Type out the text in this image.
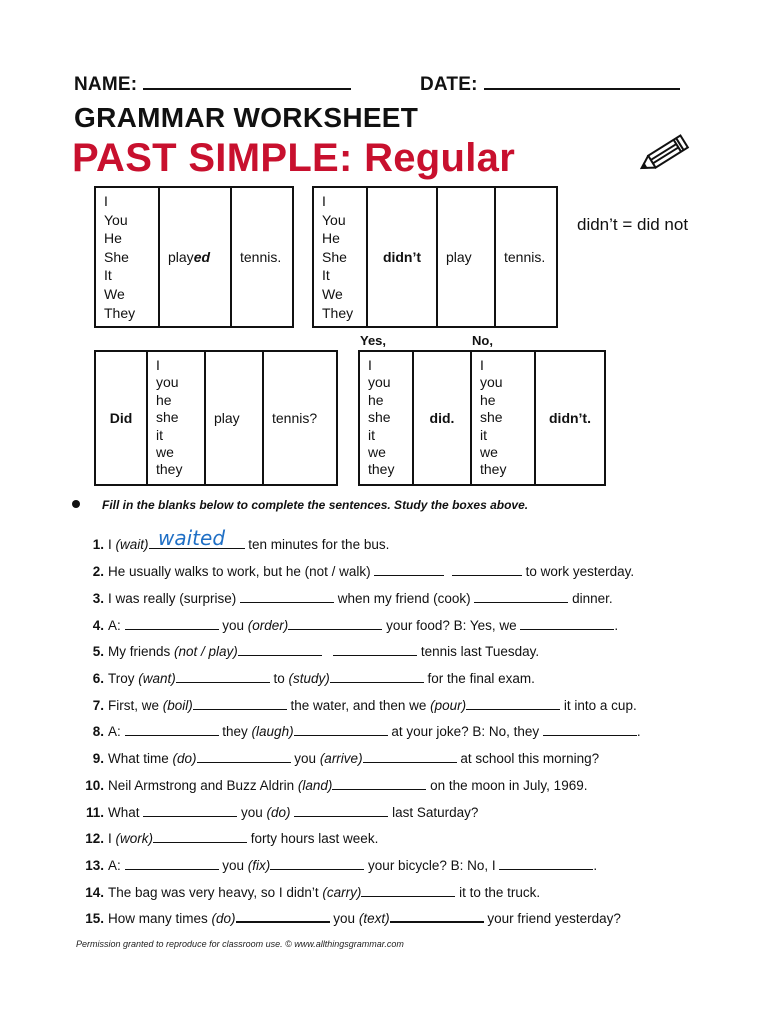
NAME:	DATE:
GRAMMAR WORKSHEET
PAST SIMPLE: Regular
I
You
He
She
It
We
They
	played	tennis.
I
You
He
She
It
We
They
	didn’t	play	tennis.
didn’t = did not
Did	
I
you
he
she
it
we
they
	play	tennis?
Yes,	No,
I
you
he
she
it
we
they
	did.	
I
you
he
she
it
we
they
	didn’t.
Fill in the blanks below to complete the sentences. Study the boxes above.
waited
1. I (wait)	ten minutes for the bus.
2. He usually walks to work, but he (not / walk)	to work yesterday.
3. I was really (surprise)	when my friend (cook)	dinner.
4. A:	you (order)	your food? B: Yes, we	.
5. My friends (not / play)	tennis last Tuesday.
6. Troy (want)	to (study)	for the final exam.
7. First, we (boil)	the water, and then we (pour)	it into a cup.
8. A:	they (laugh)	at your joke? B: No, they	.
9. What time (do)	you (arrive)	at school this morning?
10. Neil Armstrong and Buzz Aldrin (land)	on the moon in July, 1969.
11. What	you (do)	last Saturday?
12. I (work)	forty hours last week.
13. A:	you (fix)	your bicycle? B: No, I	.
14. The bag was very heavy, so I didn’t (carry)	it to the truck.
15. How many times (do)	you (text)	your friend yesterday?
Permission granted to reproduce for classroom use. © www.allthingsgrammar.com
